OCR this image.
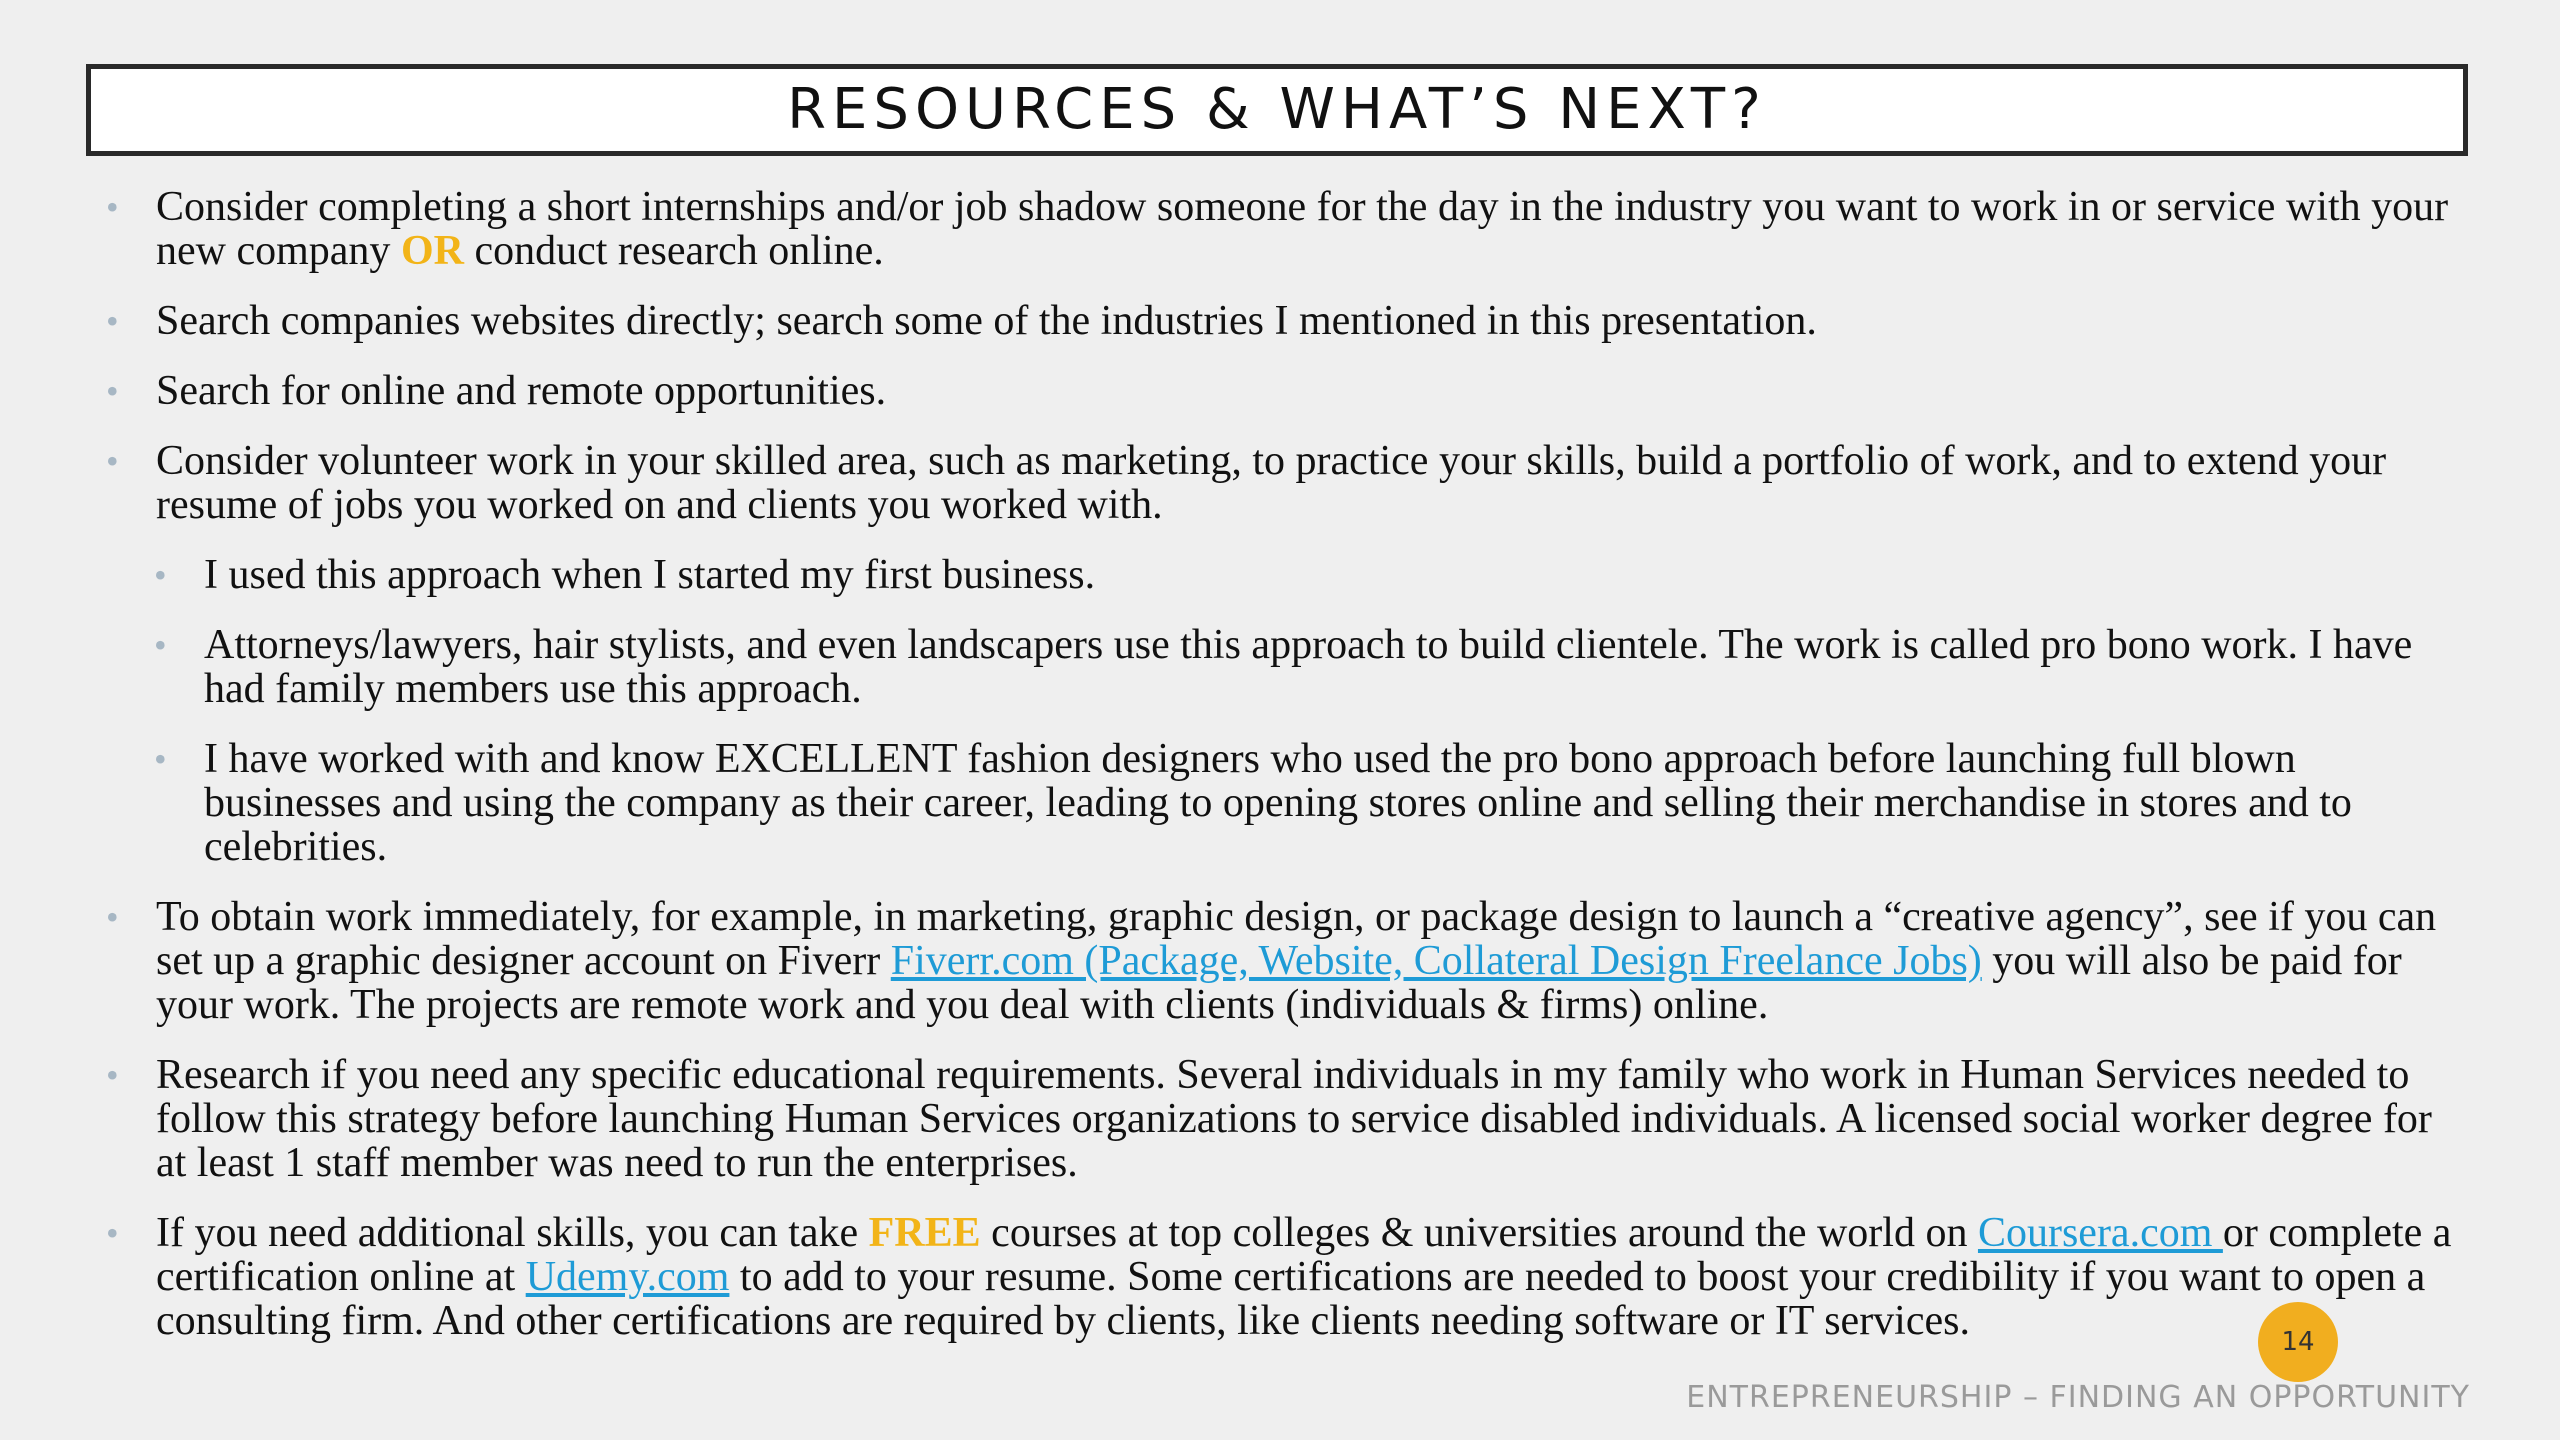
RESOURCES & WHAT’S NEXT?
• Consider completing a short internships and/or job shadow someone for the day in the industry you want to work in or service with your new company OR conduct research online.
• Search companies websites directly; search some of the industries I mentioned in this presentation.
• Search for online and remote opportunities.
• Consider volunteer work in your skilled area, such as marketing, to practice your skills, build a portfolio of work, and to extend your resume of jobs you worked on and clients you worked with.
• I used this approach when I started my first business.
• Attorneys/lawyers, hair stylists, and even landscapers use this approach to build clientele. The work is called pro bono work. I have had family members use this approach.
• I have worked with and know EXCELLENT fashion designers who used the pro bono approach before launching full blown businesses and using the company as their career, leading to opening stores online and selling their merchandise in stores and to celebrities.
• To obtain work immediately, for example, in marketing, graphic design, or package design to launch a “creative agency”, see if you can set up a graphic designer account on Fiverr Fiverr.com (Package, Website, Collateral Design Freelance Jobs) you will also be paid for your work. The projects are remote work and you deal with clients (individuals & firms) online.
• Research if you need any specific educational requirements. Several individuals in my family who work in Human Services needed to follow this strategy before launching Human Services organizations to service disabled individuals. A licensed social worker degree for at least 1 staff member was need to run the enterprises.
• If you need additional skills, you can take FREE courses at top colleges & universities around the world on Coursera.com or complete a certification online at Udemy.com to add to your resume. Some certifications are needed to boost your credibility if you want to open a consulting firm. And other certifications are required by clients, like clients needing software or IT services.	14
ENTREPRENEURSHIP – FINDING AN OPPORTUNITY
